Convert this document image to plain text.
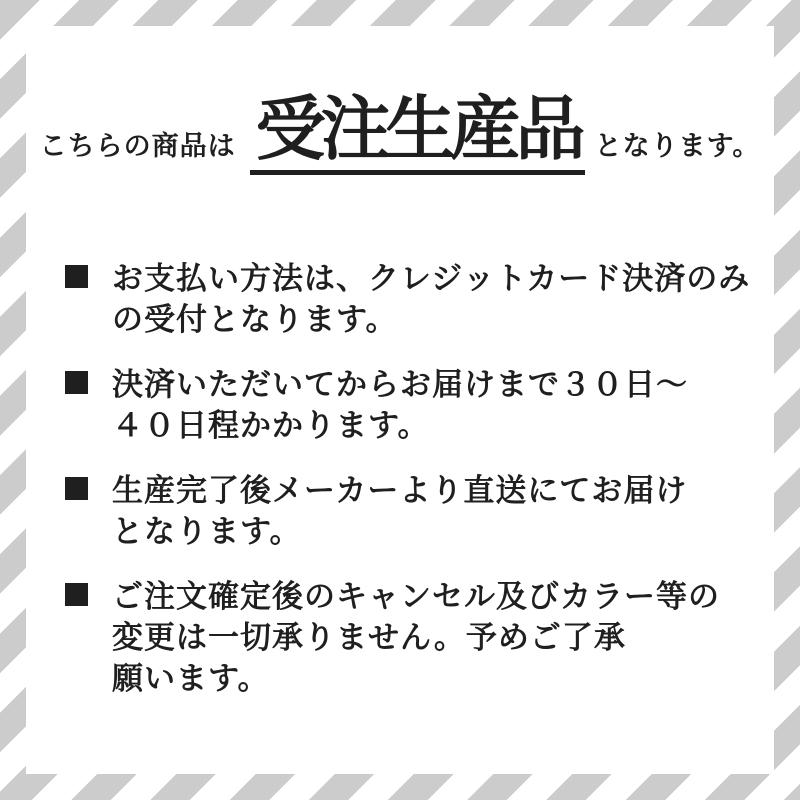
こちらの商品は 受注生産品 となります。
お支払い方法は、クレジットカード決済のみ
の受付となります。
決済いただいてからお届けまで３０日〜
４０日程かかります。
生産完了後メーカーより直送にてお届け
となります。
ご注文確定後のキャンセル及びカラー等の
変更は一切承りません。予めご了承
願います。
